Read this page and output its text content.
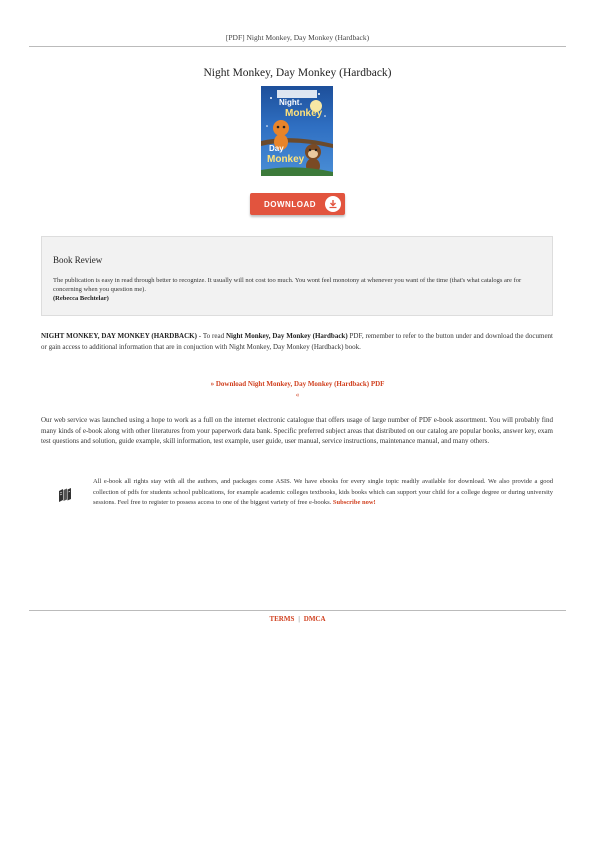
[PDF] Night Monkey, Day Monkey (Hardback)
Night Monkey, Day Monkey (Hardback)
Night
Monkey
Day
Monkey
DOWNLOAD
Book Review
The publication is easy in read through better to recognize. It usually will not cost too much. You wont feel monotony at whenever you want of the time (that's what catalogs are for concerning when you question me).
(Rebecca Bechtelar)
NIGHT MONKEY, DAY MONKEY (HARDBACK) - To read Night Monkey, Day Monkey (Hardback) PDF, remember to refer to the button under and download the document or gain access to additional information that are in conjuction with Night Monkey, Day Monkey (Hardback) book.
» Download Night Monkey, Day Monkey (Hardback) PDF
«
Our web service was launched using a hope to work as a full on the internet electronic catalogue that offers usage of large number of PDF e-book assortment. You will probably find many kinds of e-book along with other literatures from your paperwork data bank. Specific preferred subject areas that distributed on our catalog are popular books, answer key, exam test questions and solution, guide example, skill information, test example, user guide, user manual, service instructions, maintenance manual, and many others.
All e-book all rights stay with all the authors, and packages come ASIS. We have ebooks for every single topic readily available for download. We also provide a good collection of pdfs for students school publications, for example academic colleges textbooks, kids books which can support your child for a college degree or during university sessions. Feel free to register to possess access to one of the biggest variety of free e-books. Subscribe now!
TERMS | DMCA
